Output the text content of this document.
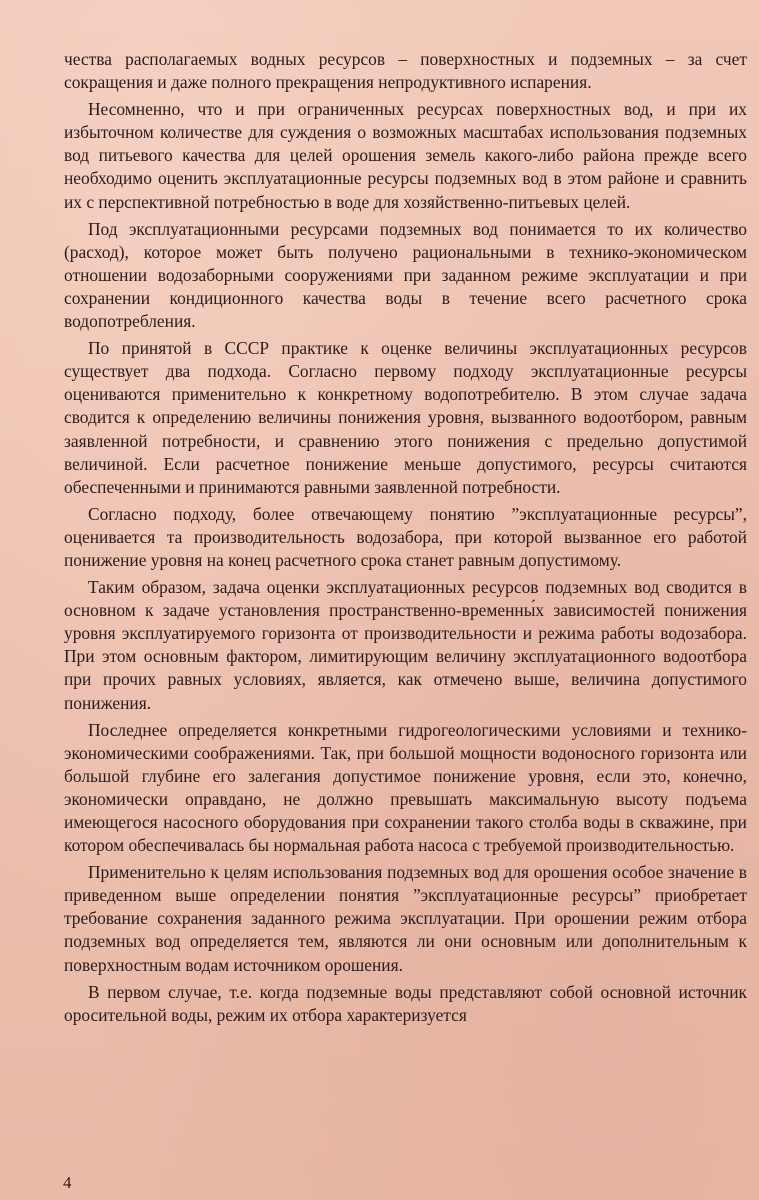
чества располагаемых водных ресурсов – поверхностных и подземных – за счет сокращения и даже полного прекращения непродуктивного испарения.

Несомненно, что и при ограниченных ресурсах поверхностных вод, и при их избыточном количестве для суждения о возможных масштабах использования подземных вод питьевого качества для целей орошения земель какого-либо района прежде всего необходимо оценить эксплуатационные ресурсы подземных вод в этом районе и сравнить их с перспективной потребностью в воде для хозяйственно-питьевых целей.

Под эксплуатационными ресурсами подземных вод понимается то их количество (расход), которое может быть получено рациональными в технико-экономическом отношении водозаборными сооружениями при заданном режиме эксплуатации и при сохранении кондиционного качества воды в течение всего расчетного срока водопотребления.

По принятой в СССР практике к оценке величины эксплуатационных ресурсов существует два подхода. Согласно первому подходу эксплуатационные ресурсы оцениваются применительно к конкретному водопотребителю. В этом случае задача сводится к определению величины понижения уровня, вызванного водоотбором, равным заявленной потребности, и сравнению этого понижения с предельно допустимой величиной. Если расчетное понижение меньше допустимого, ресурсы считаются обеспеченными и принимаются равными заявленной потребности.

Согласно подходу, более отвечающему понятию ”эксплуатационные ресурсы”, оценивается та производительность водозабора, при которой вызванное его работой понижение уровня на конец расчетного срока станет равным допустимому.

Таким образом, задача оценки эксплуатационных ресурсов подземных вод сводится в основном к задаче установления пространственно-временны́х зависимостей понижения уровня эксплуатируемого горизонта от производительности и режима работы водозабора. При этом основным фактором, лимитирующим величину эксплуатационного водоотбора при прочих равных условиях, является, как отмечено выше, величина допустимого понижения.

Последнее определяется конкретными гидрогеологическими условиями и технико-экономическими соображениями. Так, при большой мощности водоносного горизонта или большой глубине его залегания допустимое понижение уровня, если это, конечно, экономически оправдано, не должно превышать максимальную высоту подъема имеющегося насосного оборудования при сохранении такого столба воды в скважине, при котором обеспечивалась бы нормальная работа насоса с требуемой производительностью.

Применительно к целям использования подземных вод для орошения особое значение в приведенном выше определении понятия ”эксплуатационные ресурсы” приобретает требование сохранения заданного режима эксплуатации. При орошении режим отбора подземных вод определяется тем, являются ли они основным или дополнительным к поверхностным водам источником орошения.

В первом случае, т.е. когда подземные воды представляют собой основной источник оросительной воды, режим их отбора характеризуется

4
